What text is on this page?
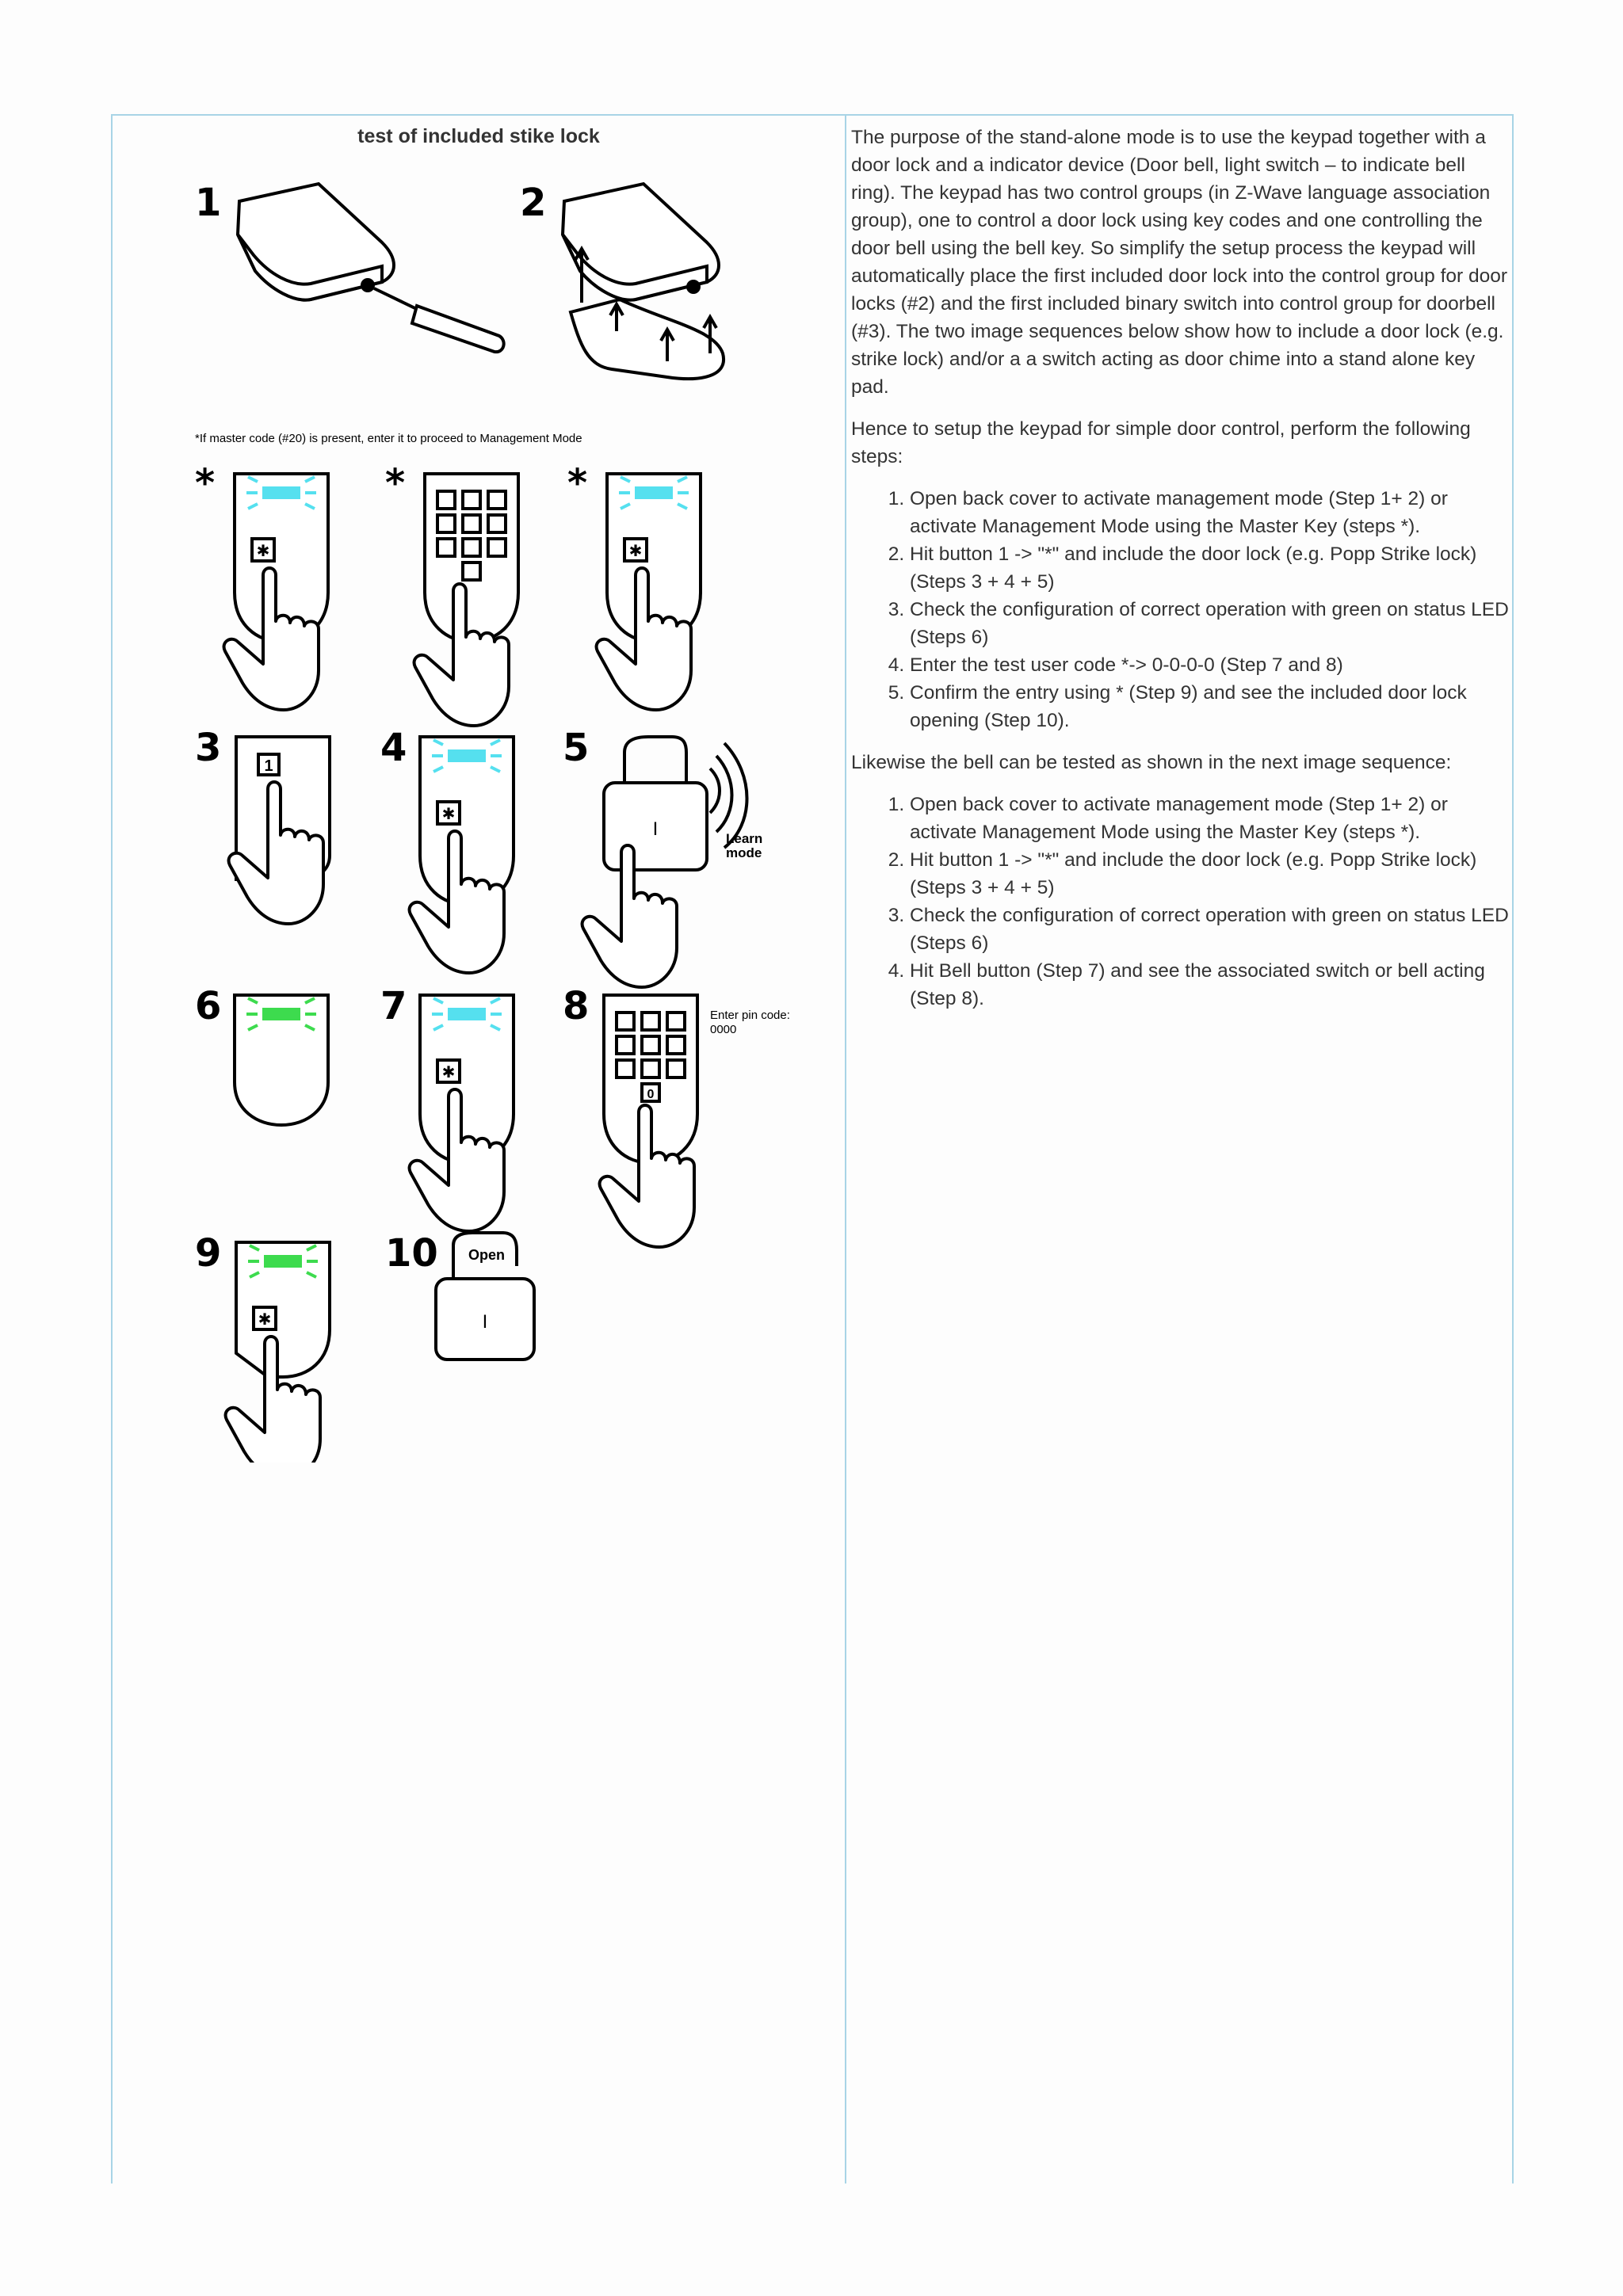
test of included stike lock
1	2
*If master code (#20) is present, enter it to proceed to Management Mode
*
✱
*	*
✱
3	1	4
✱
5
I	Learn
mode
6	7
✱
8
0
Enter pin code:
0000
9
✱
10 Open
I

The purpose of the stand-alone mode is to use the keypad together with a door lock and a indicator device (Door bell, light switch – to indicate bell ring). The keypad has two control groups (in Z-Wave language association group), one to control a door lock using key codes and one controlling the door bell using the bell key. So simplify the setup process the keypad will automatically place the first included door lock into the control group for door locks (#2) and the first included binary switch into control group for doorbell (#3). The two image sequences below show how to include a door lock (e.g. strike lock) and/or a a switch acting as door chime into a stand alone key pad.

Hence to setup the keypad for simple door control, perform the following steps:

1. Open back cover to activate management mode (Step 1+ 2) or activate Management Mode using the Master Key (steps *).
2. Hit button 1 -> "*" and include the door lock (e.g. Popp Strike lock) (Steps 3 + 4 + 5)
3. Check the configuration of correct operation with green on status LED (Steps 6)
4. Enter the test user code *-> 0-0-0-0 (Step 7 and 8)
5. Confirm the entry using * (Step 9) and see the included door lock opening (Step 10).

Likewise the bell can be tested as shown in the next image sequence:

1. Open back cover to activate management mode (Step 1+ 2) or activate Management Mode using the Master Key (steps *).
2. Hit button 1 -> "*" and include the door lock (e.g. Popp Strike lock) (Steps 3 + 4 + 5)
3. Check the configuration of correct operation with green on status LED (Steps 6)
4. Hit Bell button (Step 7) and see the associated switch or bell acting (Step 8).
